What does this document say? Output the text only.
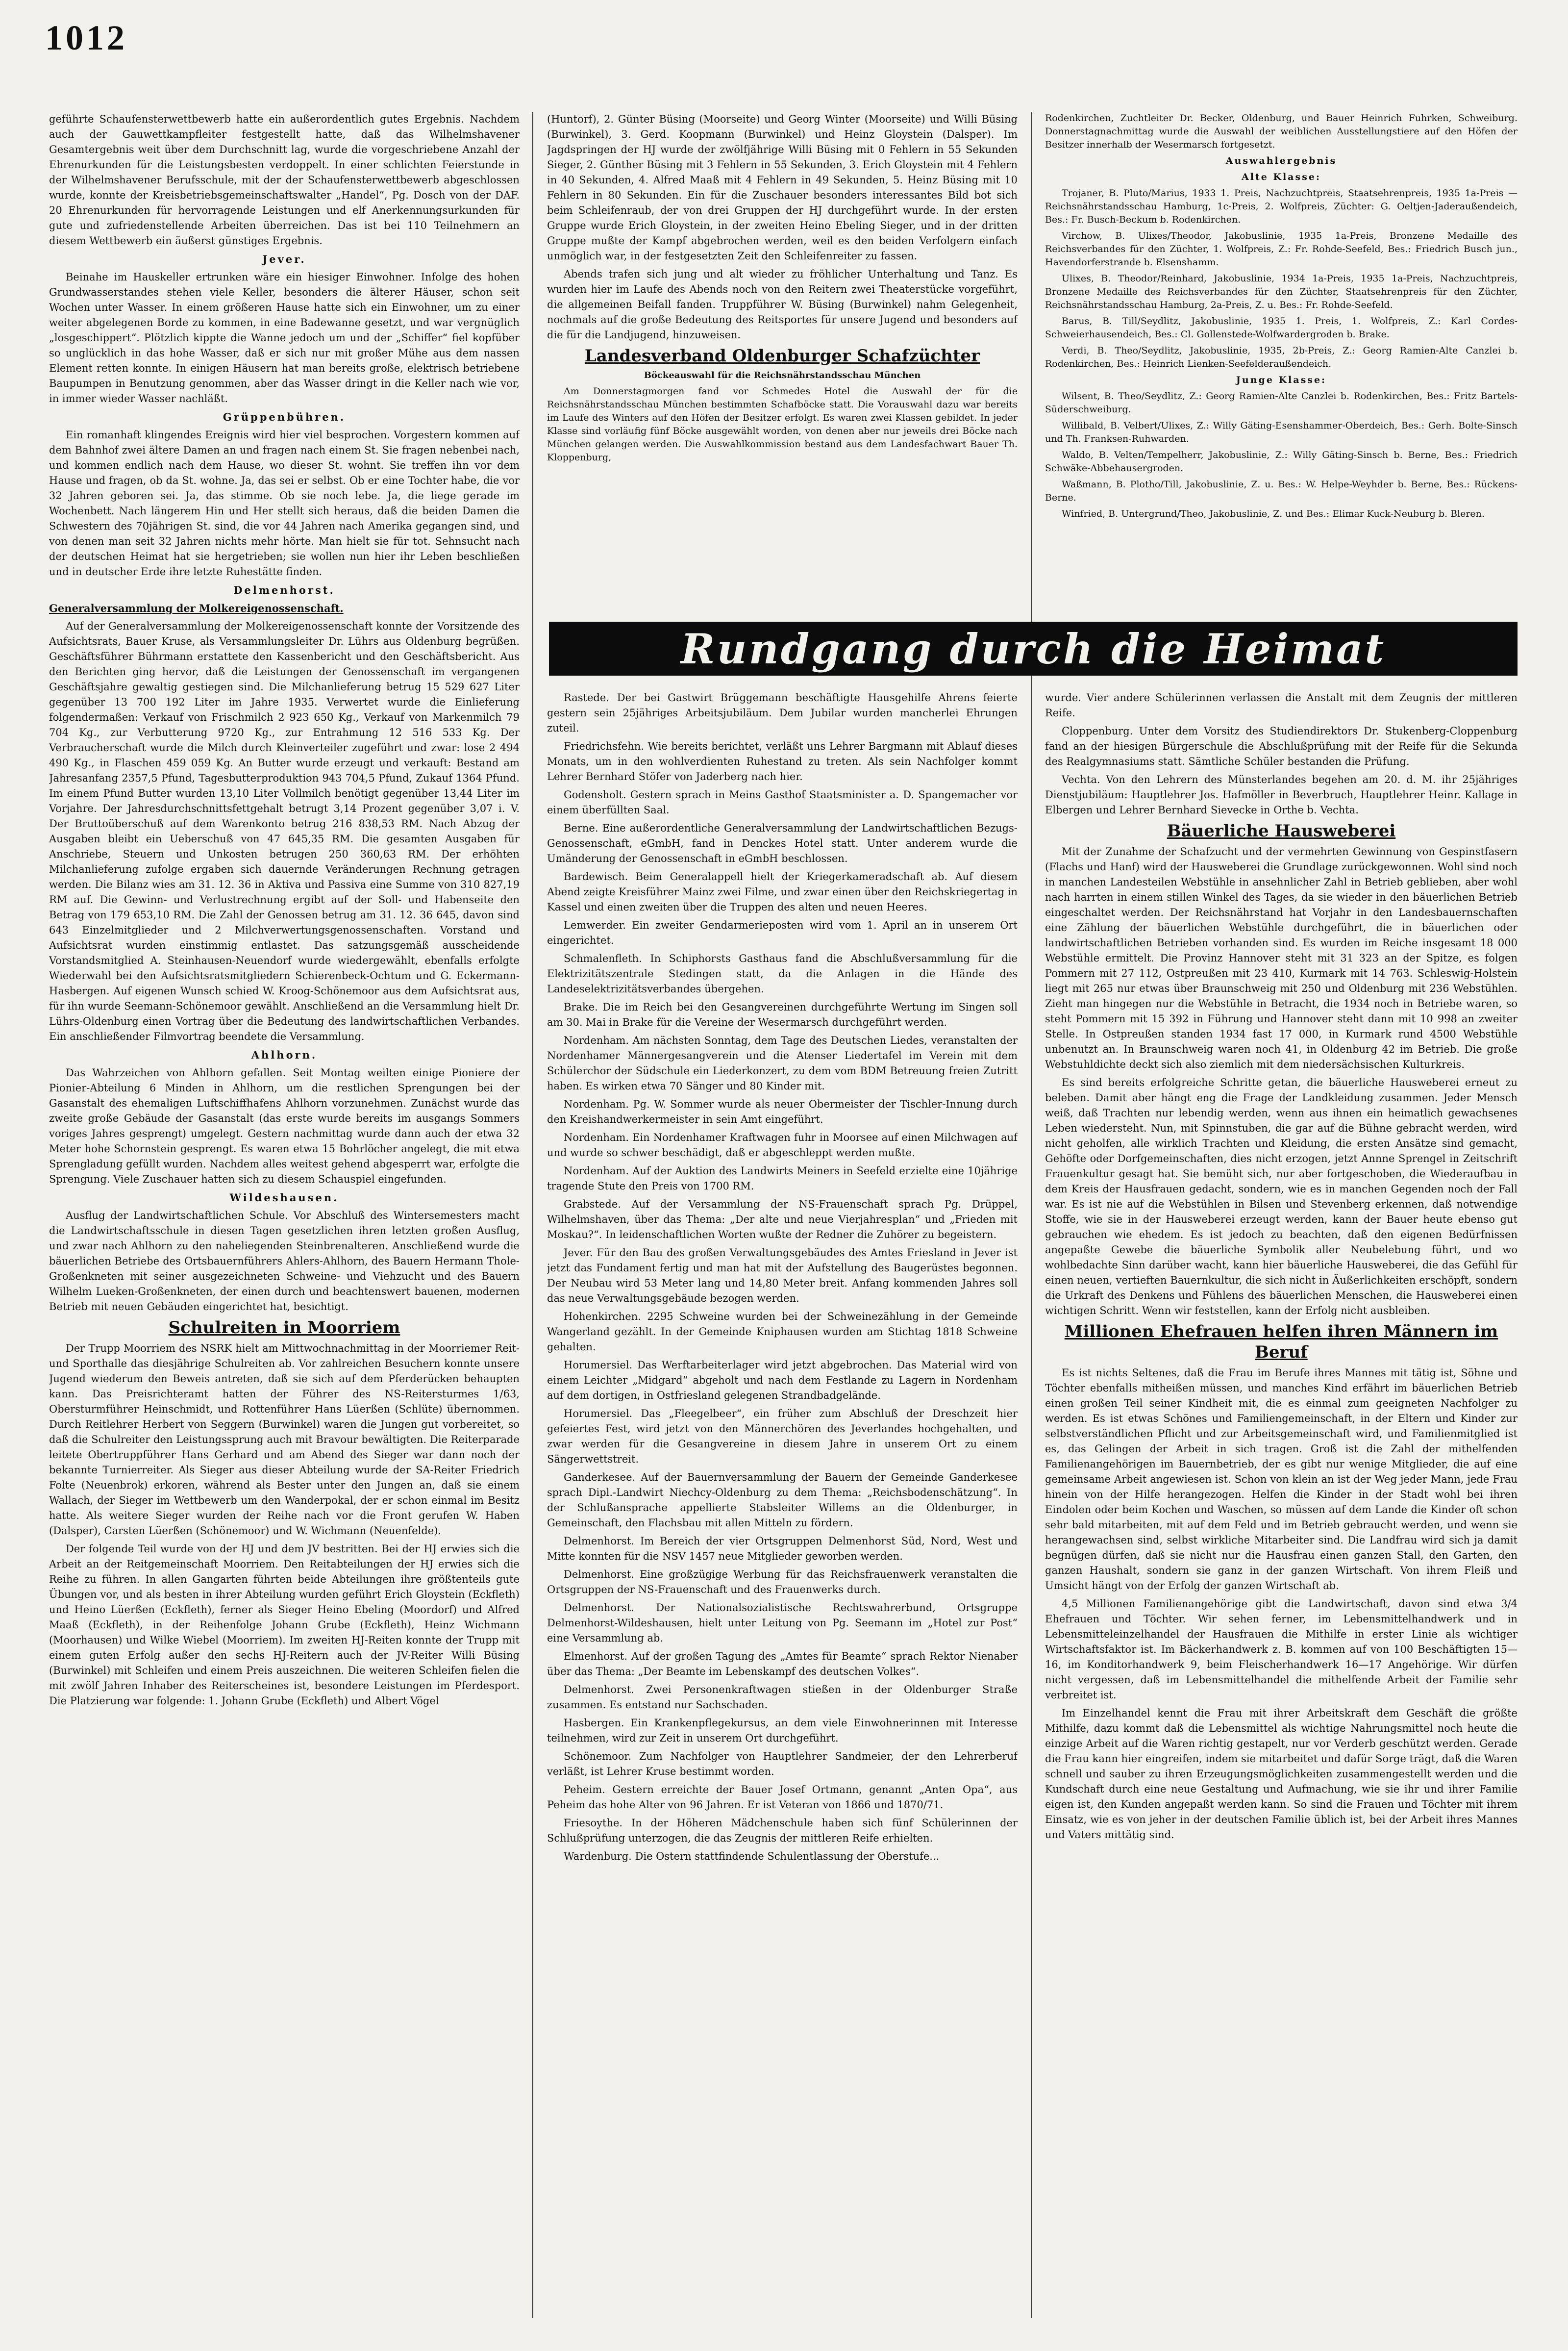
1012

geführte Schaufensterwettbewerb hatte ein außerordentlich gutes Ergebnis. Nachdem auch der Gauwettkampfleiter festgestellt hatte, daß das Wilhelmshavener Gesamtergebnis weit über dem Durchschnitt lag, wurde die vorgeschriebene Anzahl der Ehrenurkunden für die Leistungsbesten verdoppelt. In einer schlichten Feierstunde in der Wilhelmshavener Berufsschule, mit der der Schaufensterwettbewerb abgeschlossen wurde, konnte der Kreisbetriebsgemeinschaftswalter „Handel“, Pg. Dosch von der DAF. 20 Ehrenurkunden für hervorragende Leistungen und elf Anerkennungsurkunden für gute und zufriedenstellende Arbeiten überreichen. Das ist bei 110 Teilnehmern an diesem Wettbewerb ein äußerst günstiges Ergebnis.

Jever.

Beinahe im Hauskeller ertrunken wäre ein hiesiger Einwohner. Infolge des hohen Grundwasserstandes stehen viele Keller, besonders die älterer Häuser, schon seit Wochen unter Wasser. In einem größeren Hause hatte sich ein Einwohner, um zu einer weiter abgelegenen Borde zu kommen, in eine Badewanne gesetzt, und war vergnüglich „losgeschippert“. Plötzlich kippte die Wanne jedoch um und der „Schiffer“ fiel kopfüber so unglücklich in das hohe Wasser, daß er sich nur mit großer Mühe aus dem nassen Element retten konnte. In einigen Häusern hat man bereits große, elektrisch betriebene Baupumpen in Benutzung genommen, aber das Wasser dringt in die Keller nach wie vor, in immer wieder Wasser nachläßt.

Grüppenbühren.

Ein romanhaft klingendes Ereignis wird hier viel besprochen. Vorgestern kommen auf dem Bahnhof zwei ältere Damen an und fragen nach einem St. Sie fragen nebenbei nach, und kommen endlich nach dem Hause, wo dieser St. wohnt. Sie treffen ihn vor dem Hause und fragen, ob da St. wohne. Ja, das sei er selbst. Ob er eine Tochter habe, die vor 32 Jahren geboren sei. Ja, das stimme. Ob sie noch lebe. Ja, die liege gerade im Wochenbett. Nach längerem Hin und Her stellt sich heraus, daß die beiden Damen die Schwestern des 70jährigen St. sind, die vor 44 Jahren nach Amerika gegangen sind, und von denen man seit 32 Jahren nichts mehr hörte. Man hielt sie für tot. Sehnsucht nach der deutschen Heimat hat sie hergetrieben; sie wollen nun hier ihr Leben beschließen und in deutscher Erde ihre letzte Ruhestätte finden.

Delmenhorst.

Generalversammlung der Molkereigenossenschaft.

Auf der Generalversammlung der Molkereigenossenschaft konnte der Vorsitzende des Aufsichtsrats, Bauer Kruse, als Versammlungsleiter Dr. Lührs aus Oldenburg begrüßen. Geschäftsführer Bührmann erstattete den Kassenbericht und den Geschäftsbericht. Aus den Berichten ging hervor, daß die Leistungen der Genossenschaft im vergangenen Geschäftsjahre gewaltig gestiegen sind. Die Milchanlieferung betrug 15 529 627 Liter gegenüber 13 700 192 Liter im Jahre 1935. Verwertet wurde die Einlieferung folgendermaßen: Verkauf von Frischmilch 2 923 650 Kg., Verkauf von Markenmilch 79 704 Kg., zur Verbutterung 9720 Kg., zur Entrahmung 12 516 533 Kg. Der Verbraucherschaft wurde die Milch durch Kleinverteiler zugeführt und zwar: lose 2 494 490 Kg., in Flaschen 459 059 Kg. An Butter wurde erzeugt und verkauft: Bestand am Jahresanfang 2357,5 Pfund, Tagesbutterproduktion 943 704,5 Pfund, Zukauf 1364 Pfund. Im einem Pfund Butter wurden 13,10 Liter Vollmilch benötigt gegenüber 13,44 Liter im Vorjahre. Der Jahresdurchschnittsfettgehalt betrugt 3,14 Prozent gegenüber 3,07 i. V. Der Bruttoüberschuß auf dem Warenkonto betrug 216 838,53 RM. Nach Abzug der Ausgaben bleibt ein Ueberschuß von 47 645,35 RM. Die gesamten Ausgaben für Anschriebe, Steuern und Unkosten betrugen 250 360,63 RM. Der erhöhten Milchanlieferung zufolge ergaben sich dauernde Veränderungen Rechnung getragen werden. Die Bilanz wies am 31. 12. 36 in Aktiva und Passiva eine Summe von 310 827,19 RM auf. Die Gewinn- und Verlustrechnung ergibt auf der Soll- und Habenseite den Betrag von 179 653,10 RM. Die Zahl der Genossen betrug am 31. 12. 36 645, davon sind 643 Einzelmitglieder und 2 Milchverwertungsgenossenschaften. Vorstand und Aufsichtsrat wurden einstimmig entlastet. Das satzungsgemäß ausscheidende Vorstandsmitglied A. Steinhausen-Neuendorf wurde wiedergewählt, ebenfalls erfolgte Wiederwahl bei den Aufsichtsratsmitgliedern Schierenbeck-Ochtum und G. Eckermann-Hasbergen. Auf eigenen Wunsch schied W. Kroog-Schönemoor aus dem Aufsichtsrat aus, für ihn wurde Seemann-Schönemoor gewählt. Anschließend an die Versammlung hielt Dr. Lührs-Oldenburg einen Vortrag über die Bedeutung des landwirtschaftlichen Verbandes. Ein anschließender Filmvortrag beendete die Versammlung.

Ahlhorn.

Das Wahrzeichen von Ahlhorn gefallen. Seit Montag weilten einige Pioniere der Pionier-Abteilung 6 Minden in Ahlhorn, um die restlichen Sprengungen bei der Gasanstalt des ehemaligen Luftschiffhafens Ahlhorn vorzunehmen. Zunächst wurde das zweite große Gebäude der Gasanstalt (das erste wurde bereits im ausgangs Sommers voriges Jahres gesprengt) umgelegt. Gestern nachmittag wurde dann auch der etwa 32 Meter hohe Schornstein gesprengt. Es waren etwa 15 Bohrlöcher angelegt, die mit etwa Sprengladung gefüllt wurden. Nachdem alles weitest gehend abgesperrt war, erfolgte die Sprengung. Viele Zuschauer hatten sich zu diesem Schauspiel eingefunden.

Wildeshausen.

Ausflug der Landwirtschaftlichen Schule. Vor Abschluß des Wintersemesters macht die Landwirtschaftsschule in diesen Tagen gesetzlichen ihren letzten großen Ausflug, und zwar nach Ahlhorn zu den naheliegenden Steinbrenalteren. Anschließend wurde die bäuerlichen Betriebe des Ortsbauernführers Ahlers-Ahlhorn, des Bauern Hermann Thole-Großenkneten mit seiner ausgezeichneten Schweine- und Viehzucht und des Bauern Wilhelm Lueken-Großenkneten, der einen durch und beachtenswert bauenen, modernen Betrieb mit neuen Gebäuden eingerichtet hat, besichtigt.

Schulreiten in Moorriem

Der Trupp Moorriem des NSRK hielt am Mittwochnachmittag in der Moorriemer Reit- und Sporthalle das diesjährige Schulreiten ab. Vor zahlreichen Besuchern konnte unsere Jugend wiederum den Beweis antreten, daß sie sich auf dem Pferderücken behaupten kann. Das Preisrichteramt hatten der Führer des NS-Reitersturmes 1/63, Obersturmführer Heinschmidt, und Rottenführer Hans Lüerßen (Schlüte) übernommen. Durch Reitlehrer Herbert von Seggern (Burwinkel) waren die Jungen gut vorbereitet, so daß die Schulreiter den Leistungssprung auch mit Bravour bewältigten. Die Reiterparade leitete Obertruppführer Hans Gerhard und am Abend des Sieger war dann noch der bekannte Turnierreiter. Als Sieger aus dieser Abteilung wurde der SA-Reiter Friedrich Folte (Neuenbrok) erkoren, während als Bester unter den Jungen an, daß sie einem Wallach, der Sieger im Wettbewerb um den Wanderpokal, der er schon einmal im Besitz hatte. Als weitere Sieger wurden der Reihe nach vor die Front gerufen W. Haben (Dalsper), Carsten Lüerßen (Schönemoor) und W. Wichmann (Neuenfelde).

Der folgende Teil wurde von der HJ und dem JV bestritten. Bei der HJ erwies sich die Arbeit an der Reitgemeinschaft Moorriem. Den Reitabteilungen der HJ erwies sich die Reihe zu führen. In allen Gangarten führten beide Abteilungen ihre größtenteils gute Übungen vor, und als besten in ihrer Abteilung wurden geführt Erich Gloystein (Eckfleth) und Heino Lüerßen (Eckfleth), ferner als Sieger Heino Ebeling (Moordorf) und Alfred Maaß (Eckfleth), in der Reihenfolge Johann Grube (Eckfleth), Heinz Wichmann (Moorhausen) und Wilke Wiebel (Moorriem). Im zweiten HJ-Reiten konnte der Trupp mit einem guten Erfolg außer den sechs HJ-Reitern auch der JV-Reiter Willi Büsing (Burwinkel) mit Schleifen und einem Preis auszeichnen. Die weiteren Schleifen fielen die mit zwölf Jahren Inhaber des Reiterscheines ist, besondere Leistungen im Pferdesport. Die Platzierung war folgende: 1. Johann Grube (Eckfleth) und Albert Vögel

(Huntorf), 2. Günter Büsing (Moorseite) und Georg Winter (Moorseite) und Willi Büsing (Burwinkel), 3. Gerd. Koopmann (Burwinkel) und Heinz Gloystein (Dalsper). Im Jagdspringen der HJ wurde der zwölfjährige Willi Büsing mit 0 Fehlern in 55 Sekunden Sieger, 2. Günther Büsing mit 3 Fehlern in 55 Sekunden, 3. Erich Gloystein mit 4 Fehlern in 40 Sekunden, 4. Alfred Maaß mit 4 Fehlern in 49 Sekunden, 5. Heinz Büsing mit 10 Fehlern in 80 Sekunden. Ein für die Zuschauer besonders interessantes Bild bot sich beim Schleifenraub, der von drei Gruppen der HJ durchgeführt wurde. In der ersten Gruppe wurde Erich Gloystein, in der zweiten Heino Ebeling Sieger, und in der dritten Gruppe mußte der Kampf abgebrochen werden, weil es den beiden Verfolgern einfach unmöglich war, in der festgesetzten Zeit den Schleifenreiter zu fassen.

Abends trafen sich jung und alt wieder zu fröhlicher Unterhaltung und Tanz. Es wurden hier im Laufe des Abends noch von den Reitern zwei Theaterstücke vorgeführt, die allgemeinen Beifall fanden. Truppführer W. Büsing (Burwinkel) nahm Gelegenheit, nochmals auf die große Bedeutung des Reitsportes für unsere Jugend und besonders auf die für die Landjugend, hinzuweisen.

Landesverband Oldenburger Schafzüchter

Böckeauswahl für die Reichsnährstandsschau München

Am Donnerstagmorgen fand vor Schmedes Hotel die Auswahl der für die Reichsnährstandsschau München bestimmten Schafböcke statt. Die Vorauswahl dazu war bereits im Laufe des Winters auf den Höfen der Besitzer erfolgt. Es waren zwei Klassen gebildet. In jeder Klasse sind vorläufig fünf Böcke ausgewählt worden, von denen aber nur jeweils drei Böcke nach München gelangen werden. Die Auswahlkommission bestand aus dem Landesfachwart Bauer Th. Kloppenburg,

Rodenkirchen, Zuchtleiter Dr. Becker, Oldenburg, und Bauer Heinrich Fuhrken, Schweiburg. Donnerstagnachmittag wurde die Auswahl der weiblichen Ausstellungstiere auf den Höfen der Besitzer innerhalb der Wesermarsch fortgesetzt.

Auswahlergebnis

Alte Klasse:

Trojaner, B. Pluto/Marius, 1933 1. Preis, Nachzuchtpreis, Staatsehrenpreis, 1935 1a-Preis — Reichsnährstandsschau Hamburg, 1c-Preis, 2. Wolfpreis, Züchter: G. Oeltjen-Jaderaußendeich, Bes.: Fr. Busch-Beckum b. Rodenkirchen.

Virchow, B. Ulixes/Theodor, Jakobuslinie, 1935 1a-Preis, Bronzene Medaille des Reichsverbandes für den Züchter, 1. Wolfpreis, Z.: Fr. Rohde-Seefeld, Bes.: Friedrich Busch jun., Havendorferstrande b. Elsenshamm.

Ulixes, B. Theodor/Reinhard, Jakobuslinie, 1934 1a-Preis, 1935 1a-Preis, Nachzuchtpreis, Bronzene Medaille des Reichsverbandes für den Züchter, Staatsehrenpreis für den Züchter, Reichsnährstandsschau Hamburg, 2a-Preis, Z. u. Bes.: Fr. Rohde-Seefeld.

Barus, B. Till/Seydlitz, Jakobuslinie, 1935 1. Preis, 1. Wolfpreis, Z.: Karl Cordes-Schweierhausendeich, Bes.: Cl. Gollenstede-Wolfwardergroden b. Brake.

Verdi, B. Theo/Seydlitz, Jakobuslinie, 1935, 2b-Preis, Z.: Georg Ramien-Alte Canzlei b. Rodenkirchen, Bes.: Heinrich Lienken-Seefelderaußendeich.

Junge Klasse:

Wilsent, B. Theo/Seydlitz, Z.: Georg Ramien-Alte Canzlei b. Rodenkirchen, Bes.: Fritz Bartels-Süderschweiburg.

Willibald, B. Velbert/Ulixes, Z.: Willy Gäting-Esenshammer-Oberdeich, Bes.: Gerh. Bolte-Sinsch und Th. Franksen-Ruhwarden.

Waldo, B. Velten/Tempelherr, Jakobuslinie, Z.: Willy Gäting-Sinsch b. Berne, Bes.: Friedrich Schwäke-Abbehausergroden.

Waßmann, B. Plotho/Till, Jakobuslinie, Z. u. Bes.: W. Helpe-Weyhder b. Berne, Bes.: Rückens-Berne.

Winfried, B. Untergrund/Theo, Jakobuslinie, Z. und Bes.: Elimar Kuck-Neuburg b. Bleren.

Rundgang durch die Heimat

Rastede. Der bei Gastwirt Brüggemann beschäftigte Hausgehilfe Ahrens feierte gestern sein 25jähriges Arbeitsjubiläum. Dem Jubilar wurden mancherlei Ehrungen zuteil.

Friedrichsfehn. Wie bereits berichtet, verläßt uns Lehrer Bargmann mit Ablauf dieses Monats, um in den wohlverdienten Ruhestand zu treten. Als sein Nachfolger kommt Lehrer Bernhard Stöfer von Jaderberg nach hier.

Godensholt. Gestern sprach in Meins Gasthof Staatsminister a. D. Spangemacher vor einem überfüllten Saal.

Berne. Eine außerordentliche Generalversammlung der Landwirtschaftlichen Bezugs-Genossenschaft, eGmbH, fand in Denckes Hotel statt. Unter anderem wurde die Umänderung der Genossenschaft in eGmbH beschlossen.

Bardewisch. Beim Generalappell hielt der Kriegerkameradschaft ab. Auf diesem Abend zeigte Kreisführer Mainz zwei Filme, und zwar einen über den Reichskriegertag in Kassel und einen zweiten über die Truppen des alten und neuen Heeres.

Lemwerder. Ein zweiter Gendarmerieposten wird vom 1. April an in unserem Ort eingerichtet.

Schmalenfleth. In Schiphorsts Gasthaus fand die Abschlußversammlung für die Elektrizitätszentrale Stedingen statt, da die Anlagen in die Hände des Landeselektrizitätsverbandes übergehen.

Brake. Die im Reich bei den Gesangvereinen durchgeführte Wertung im Singen soll am 30. Mai in Brake für die Vereine der Wesermarsch durchgeführt werden.

Nordenham. Am nächsten Sonntag, dem Tage des Deutschen Liedes, veranstalten der Nordenhamer Männergesangverein und die Atenser Liedertafel im Verein mit dem Schülerchor der Südschule ein Liederkonzert, zu dem vom BDM Betreuung freien Zutritt haben. Es wirken etwa 70 Sänger und 80 Kinder mit.

Nordenham. Pg. W. Sommer wurde als neuer Obermeister der Tischler-Innung durch den Kreishandwerkermeister in sein Amt eingeführt.

Nordenham. Ein Nordenhamer Kraftwagen fuhr in Moorsee auf einen Milchwagen auf und wurde so schwer beschädigt, daß er abgeschleppt werden mußte.

Nordenham. Auf der Auktion des Landwirts Meiners in Seefeld erzielte eine 10jährige tragende Stute den Preis von 1700 RM.

Grabstede. Auf der Versammlung der NS-Frauenschaft sprach Pg. Drüppel, Wilhelmshaven, über das Thema: „Der alte und neue Vierjahresplan“ und „Frieden mit Moskau?“. In leidenschaftlichen Worten wußte der Redner die Zuhörer zu begeistern.

Jever. Für den Bau des großen Verwaltungsgebäudes des Amtes Friesland in Jever ist jetzt das Fundament fertig und man hat mit der Aufstellung des Baugerüstes begonnen. Der Neubau wird 53 Meter lang und 14,80 Meter breit. Anfang kommenden Jahres soll das neue Verwaltungsgebäude bezogen werden.

Hohenkirchen. 2295 Schweine wurden bei der Schweinezählung in der Gemeinde Wangerland gezählt. In der Gemeinde Kniphausen wurden am Stichtag 1818 Schweine gehalten.

Horumersiel. Das Werftarbeiterlager wird jetzt abgebrochen. Das Material wird von einem Leichter „Midgard“ abgeholt und nach dem Festlande zu Lagern in Nordenham auf dem dortigen, in Ostfriesland gelegenen Strandbadgelände.

Horumersiel. Das „Fleegelbeer“, ein früher zum Abschluß der Dreschzeit hier gefeiertes Fest, wird jetzt von den Männerchören des Jeverlandes hochgehalten, und zwar werden für die Gesangvereine in diesem Jahre in unserem Ort zu einem Sängerwettstreit.

Ganderkesee. Auf der Bauernversammlung der Bauern der Gemeinde Ganderkesee sprach Dipl.-Landwirt Niechcy-Oldenburg zu dem Thema: „Reichsbodenschätzung“. In der Schlußansprache appellierte Stabsleiter Willems an die Oldenburger, in Gemeinschaft, den Flachsbau mit allen Mitteln zu fördern.

Delmenhorst. Im Bereich der vier Ortsgruppen Delmenhorst Süd, Nord, West und Mitte konnten für die NSV 1457 neue Mitglieder geworben werden.

Delmenhorst. Eine großzügige Werbung für das Reichsfrauenwerk veranstalten die Ortsgruppen der NS-Frauenschaft und des Frauenwerks durch.

Delmenhorst. Der Nationalsozialistische Rechtswahrerbund, Ortsgruppe Delmenhorst-Wildeshausen, hielt unter Leitung von Pg. Seemann im „Hotel zur Post“ eine Versammlung ab.

Elmenhorst. Auf der großen Tagung des „Amtes für Beamte“ sprach Rektor Nienaber über das Thema: „Der Beamte im Lebenskampf des deutschen Volkes“.

Delmenhorst. Zwei Personenkraftwagen stießen in der Oldenburger Straße zusammen. Es entstand nur Sachschaden.

Hasbergen. Ein Krankenpflegekursus, an dem viele Einwohnerinnen mit Interesse teilnehmen, wird zur Zeit in unserem Ort durchgeführt.

Schönemoor. Zum Nachfolger von Hauptlehrer Sandmeier, der den Lehrerberuf verläßt, ist Lehrer Kruse bestimmt worden.

Peheim. Gestern erreichte der Bauer Josef Ortmann, genannt „Anten Opa“, aus Peheim das hohe Alter von 96 Jahren. Er ist Veteran von 1866 und 1870/71.

Friesoythe. In der Höheren Mädchenschule haben sich fünf Schülerinnen der Schlußprüfung unterzogen, die das Zeugnis der mittleren Reife erhielten.

Wardenburg. Die Ostern stattfindende Schulentlassung der Oberstufe...

wurde. Vier andere Schülerinnen verlassen die Anstalt mit dem Zeugnis der mittleren Reife.

Cloppenburg. Unter dem Vorsitz des Studiendirektors Dr. Stukenberg-Cloppenburg fand an der hiesigen Bürgerschule die Abschlußprüfung mit der Reife für die Sekunda des Realgymnasiums statt. Sämtliche Schüler bestanden die Prüfung.

Vechta. Von den Lehrern des Münsterlandes begehen am 20. d. M. ihr 25jähriges Dienstjubiläum: Hauptlehrer Jos. Hafmöller in Beverbruch, Hauptlehrer Heinr. Kallage in Elbergen und Lehrer Bernhard Sievecke in Orthe b. Vechta.

Bäuerliche Hausweberei

Mit der Zunahme der Schafzucht und der vermehrten Gewinnung von Gespinstfasern (Flachs und Hanf) wird der Hausweberei die Grundlage zurückgewonnen. Wohl sind noch in manchen Landesteilen Webstühle in ansehnlicher Zahl in Betrieb geblieben, aber wohl nach harrten in einem stillen Winkel des Tages, da sie wieder in den bäuerlichen Betrieb eingeschaltet werden. Der Reichsnährstand hat Vorjahr in den Landesbauernschaften eine Zählung der bäuerlichen Webstühle durchgeführt, die in bäuerlichen oder landwirtschaftlichen Betrieben vorhanden sind. Es wurden im Reiche insgesamt 18 000 Webstühle ermittelt. Die Provinz Hannover steht mit 31 323 an der Spitze, es folgen Pommern mit 27 112, Ostpreußen mit 23 410, Kurmark mit 14 763. Schleswig-Holstein liegt mit 265 nur etwas über Braunschweig mit 250 und Oldenburg mit 236 Webstühlen. Zieht man hingegen nur die Webstühle in Betracht, die 1934 noch in Betriebe waren, so steht Pommern mit 15 392 in Führung und Hannover steht dann mit 10 998 an zweiter Stelle. In Ostpreußen standen 1934 fast 17 000, in Kurmark rund 4500 Webstühle unbenutzt an. In Braunschweig waren noch 41, in Oldenburg 42 im Betrieb. Die große Webstuhldichte deckt sich also ziemlich mit dem niedersächsischen Kulturkreis.

Es sind bereits erfolgreiche Schritte getan, die bäuerliche Hausweberei erneut zu beleben. Damit aber hängt eng die Frage der Landkleidung zusammen. Jeder Mensch weiß, daß Trachten nur lebendig werden, wenn aus ihnen ein heimatlich gewachsenes Leben wiedersteht. Nun, mit Spinnstuben, die gar auf die Bühne gebracht werden, wird nicht geholfen, alle wirklich Trachten und Kleidung, die ersten Ansätze sind gemacht, Gehöfte oder Dorfgemeinschaften, dies nicht erzogen, jetzt Annne Sprengel in Zeitschrift Frauenkultur gesagt hat. Sie bemüht sich, nur aber fortgeschoben, die Wiederaufbau in dem Kreis der Hausfrauen gedacht, sondern, wie es in manchen Gegenden noch der Fall war. Es ist nie auf die Webstühlen in Bilsen und Stevenberg erkennen, daß notwendige Stoffe, wie sie in der Hausweberei erzeugt werden, kann der Bauer heute ebenso gut gebrauchen wie ehedem. Es ist jedoch zu beachten, daß den eigenen Bedürfnissen angepaßte Gewebe die bäuerliche Symbolik aller Neubelebung führt, und wo wohlbedachte Sinn darüber wacht, kann hier bäuerliche Hausweberei, die das Gefühl für einen neuen, vertieften Bauernkultur, die sich nicht in Äußerlichkeiten erschöpft, sondern die Urkraft des Denkens und Fühlens des bäuerlichen Menschen, die Hausweberei einen wichtigen Schritt. Wenn wir feststellen, kann der Erfolg nicht ausbleiben.

Millionen Ehefrauen helfen ihren Männern im Beruf

Es ist nichts Seltenes, daß die Frau im Berufe ihres Mannes mit tätig ist, Söhne und Töchter ebenfalls mitheißen müssen, und manches Kind erfährt im bäuerlichen Betrieb einen großen Teil seiner Kindheit mit, die es einmal zum geeigneten Nachfolger zu werden. Es ist etwas Schönes und Familiengemeinschaft, in der Eltern und Kinder zur selbstverständlichen Pflicht und zur Arbeitsgemeinschaft wird, und Familienmitglied ist es, das Gelingen der Arbeit in sich tragen. Groß ist die Zahl der mithelfenden Familienangehörigen im Bauernbetrieb, der es gibt nur wenige Mitglieder, die auf eine gemeinsame Arbeit angewiesen ist. Schon von klein an ist der Weg jeder Mann, jede Frau hinein von der Hilfe herangezogen. Helfen die Kinder in der Stadt wohl bei ihren Eindolen oder beim Kochen und Waschen, so müssen auf dem Lande die Kinder oft schon sehr bald mitarbeiten, mit auf dem Feld und im Betrieb gebraucht werden, und wenn sie herangewachsen sind, selbst wirkliche Mitarbeiter sind. Die Landfrau wird sich ja damit begnügen dürfen, daß sie nicht nur die Hausfrau einen ganzen Stall, den Garten, den ganzen Haushalt, sondern sie ganz in der ganzen Wirtschaft. Von ihrem Fleiß und Umsicht hängt von der Erfolg der ganzen Wirtschaft ab.

4,5 Millionen Familienangehörige gibt die Landwirtschaft, davon sind etwa 3/4 Ehefrauen und Töchter. Wir sehen ferner, im Lebensmittelhandwerk und in Lebensmitteleinzelhandel der Hausfrauen die Mithilfe in erster Linie als wichtiger Wirtschaftsfaktor ist. Im Bäckerhandwerk z. B. kommen auf von 100 Beschäftigten 15—16, im Konditorhandwerk 9, beim Fleischerhandwerk 16—17 Angehörige. Wir dürfen nicht vergessen, daß im Lebensmittelhandel die mithelfende Arbeit der Familie sehr verbreitet ist.

Im Einzelhandel kennt die Frau mit ihrer Arbeitskraft dem Geschäft die größte Mithilfe, dazu kommt daß die Lebensmittel als wichtige Nahrungsmittel noch heute die einzige Arbeit auf die Waren richtig gestapelt, nur vor Verderb geschützt werden. Gerade die Frau kann hier eingreifen, indem sie mitarbeitet und dafür Sorge trägt, daß die Waren schnell und sauber zu ihren Erzeugungsmöglichkeiten zusammengestellt werden und die Kundschaft durch eine neue Gestaltung und Aufmachung, wie sie ihr und ihrer Familie eigen ist, den Kunden angepaßt werden kann. So sind die Frauen und Töchter mit ihrem Einsatz, wie es von jeher in der deutschen Familie üblich ist, bei der Arbeit ihres Mannes und Vaters mittätig sind.
